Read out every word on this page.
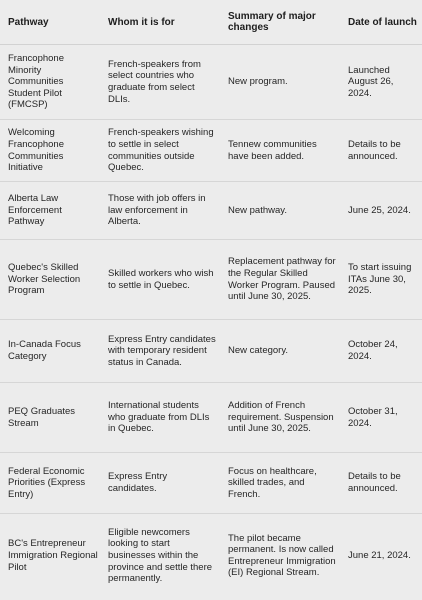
Pathway	Whom it is for	Summary of major changes	Date of launch
Francophone Minority Communities Student Pilot (FMCSP)	French-speakers from select countries who graduate from select DLIs.	New program.	Launched August 26, 2024.
Welcoming Francophone Communities Initiative	French-speakers wishing to settle in select communities outside Quebec.	Tennew communities have been added.	Details to be announced.
Alberta Law Enforcement Pathway	Those with job offers in law enforcement in Alberta.	New pathway.	June 25, 2024.
Quebec's Skilled Worker Selection Program	Skilled workers who wish to settle in Quebec.	Replacement pathway for the Regular Skilled Worker Program. Paused until June 30, 2025.	To start issuing ITAs June 30, 2025.
In-Canada Focus Category	Express Entry candidates with temporary resident status in Canada.	New category.	October 24, 2024.
PEQ Graduates Stream	International students who graduate from DLIs in Quebec.	Addition of French requirement. Suspension until June 30, 2025.	October 31, 2024.
Federal Economic Priorities (Express Entry)	Express Entry candidates.	Focus on healthcare, skilled trades, and French.	Details to be announced.
BC's Entrepreneur Immigration Regional Pilot	Eligible newcomers looking to start businesses within the province and settle there permanently.	The pilot became permanent. Is now called Entrepreneur Immigration (EI) Regional Stream.	June 21, 2024.
